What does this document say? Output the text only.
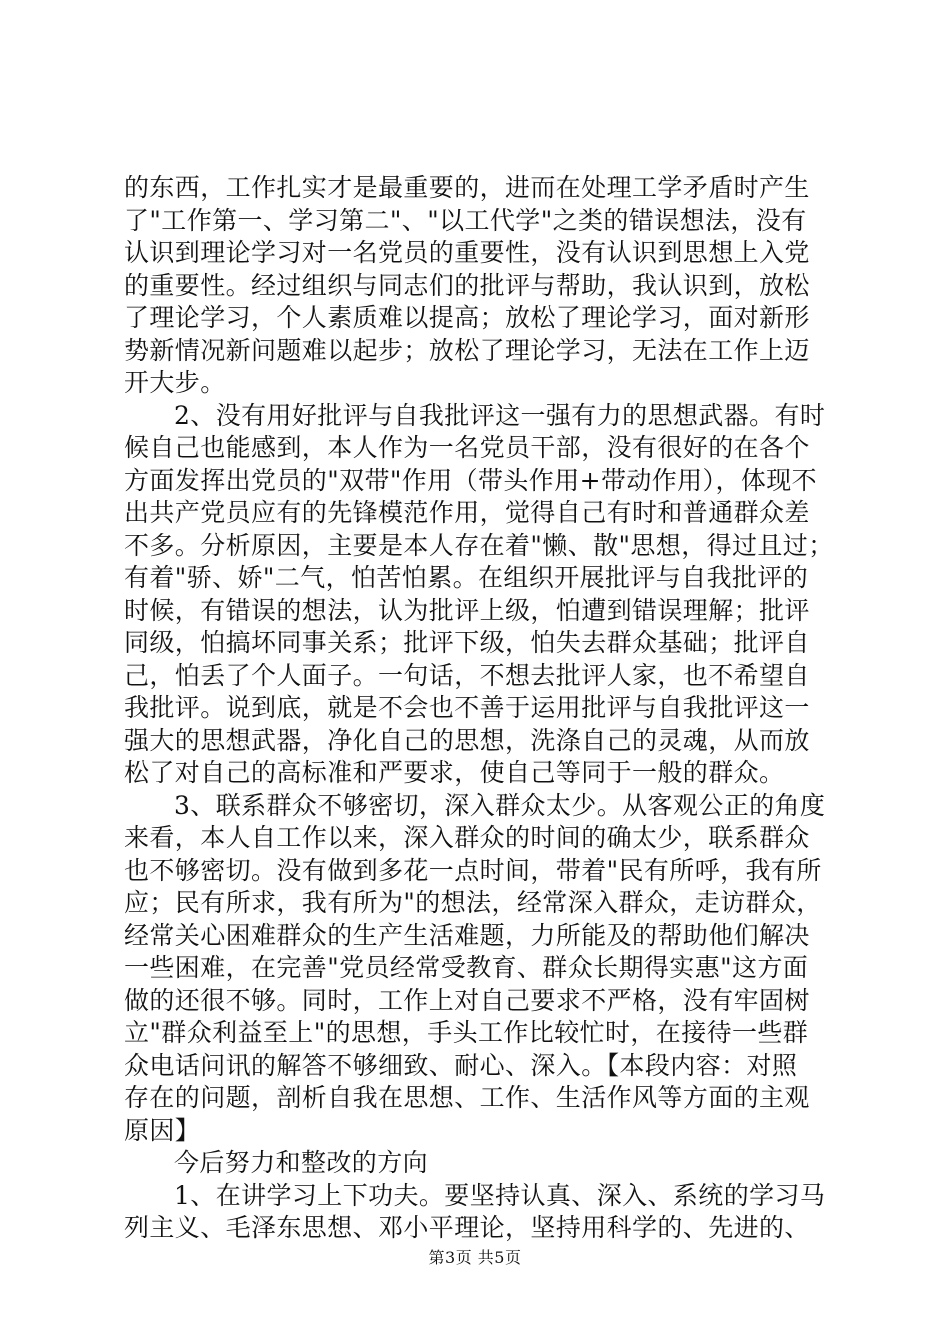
的东西，工作扎实才是最重要的，进而在处理工学矛盾时产生
了"工作第一、学习第二"、"以工代学"之类的错误想法，没有
认识到理论学习对一名党员的重要性，没有认识到思想上入党
的重要性。经过组织与同志们的批评与帮助，我认识到，放松
了理论学习，个人素质难以提高；放松了理论学习，面对新形
势新情况新问题难以起步；放松了理论学习，无法在工作上迈
开大步。
2、没有用好批评与自我批评这一强有力的思想武器。有时
候自己也能感到，本人作为一名党员干部，没有很好的在各个
方面发挥出党员的"双带"作用（带头作用+带动作用），体现不
出共产党员应有的先锋模范作用，觉得自己有时和普通群众差
不多。分析原因，主要是本人存在着"懒、散"思想，得过且过；
有着"骄、娇"二气，怕苦怕累。在组织开展批评与自我批评的
时候，有错误的想法，认为批评上级，怕遭到错误理解；批评
同级，怕搞坏同事关系；批评下级，怕失去群众基础；批评自
己，怕丢了个人面子。一句话，不想去批评人家，也不希望自
我批评。说到底，就是不会也不善于运用批评与自我批评这一
强大的思想武器，净化自己的思想，洗涤自己的灵魂，从而放
松了对自己的高标准和严要求，使自己等同于一般的群众。
3、联系群众不够密切，深入群众太少。从客观公正的角度
来看，本人自工作以来，深入群众的时间的确太少，联系群众
也不够密切。没有做到多花一点时间，带着"民有所呼，我有所
应；民有所求，我有所为"的想法，经常深入群众，走访群众，
经常关心困难群众的生产生活难题，力所能及的帮助他们解决
一些困难，在完善"党员经常受教育、群众长期得实惠"这方面
做的还很不够。同时，工作上对自己要求不严格，没有牢固树
立"群众利益至上"的思想，手头工作比较忙时，在接待一些群
众电话问讯的解答不够细致、耐心、深入。【本段内容：对照
存在的问题，剖析自我在思想、工作、生活作风等方面的主观
原因】
今后努力和整改的方向
1、在讲学习上下功夫。要坚持认真、深入、系统的学习马
列主义、毛泽东思想、邓小平理论，坚持用科学的、先进的、
第3页 共5页
